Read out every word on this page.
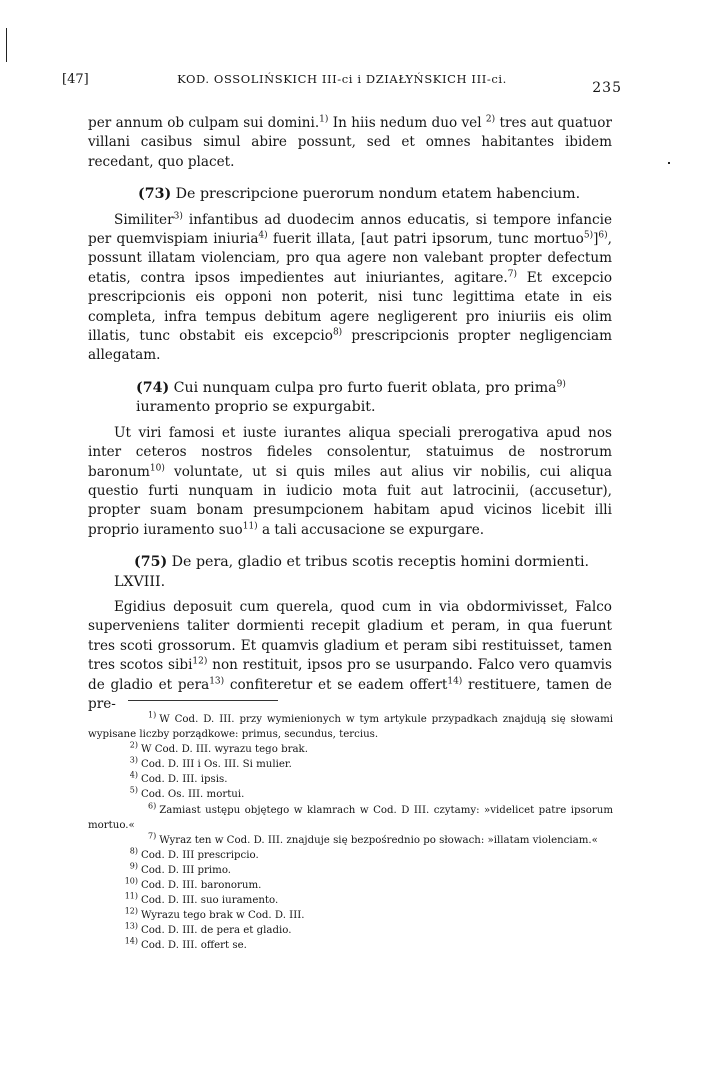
[47]	KOD. OSSOLIŃSKICH III-ci i DZIAŁYŃSKICH III-ci.
235

per annum ob culpam sui domini.$^{1)}$ In hiis nedum duo vel $^{2)}$ tres aut quatuor villani casibus simul abire possunt, sed et omnes habitantes ibidem recedant, quo placet.

(73) De prescripcione puerorum nondum etatem habencium.

Similiter$^{3)}$ infantibus ad duodecim annos educatis, si tempore infancie per quemvispiam iniuria$^{4)}$ fuerit illata, [aut patri ipsorum, tunc mortuo$^{5)}$]$^{6)}$, possunt illatam violenciam, pro qua agere non valebant propter defectum etatis, contra ipsos impedientes aut iniuriantes, agitare.$^{7)}$ Et excepcio prescripcionis eis opponi non poterit, nisi tunc legittima etate in eis completa, infra tempus debitum agere negligerent pro iniuriis eis olim illatis, tunc obstabit eis excepcio$^{8)}$ prescripcionis propter negligenciam allegatam.

(74) Cui nunquam culpa pro furto fuerit oblata, pro prima$^{9)}$ iuramento proprio se expurgabit.

Ut viri famosi et iuste iurantes aliqua speciali prerogativa apud nos inter ceteros nostros fideles consolentur, statuimus de nostrorum baronum$^{10)}$ voluntate, ut si quis miles aut alius vir nobilis, cui aliqua questio furti nunquam in iudicio mota fuit aut latrocinii, (accusetur), propter suam bonam presumpcionem habitam apud vicinos licebit illi proprio iuramento suo$^{11)}$ a tali accusacione se expurgare.

(75) De pera, gladio et tribus scotis receptis homini dormienti. LXVIII.

Egidius deposuit cum querela, quod cum in via obdormivisset, Falco superveniens taliter dormienti recepit gladium et peram, in qua fuerunt tres scoti grossorum. Et quamvis gladium et peram sibi restituisset, tamen tres scotos sibi$^{12)}$ non restituit, ipsos pro se usurpando. Falco vero quamvis de gladio et pera$^{13)}$ confiteretur et se eadem offert$^{14)}$ restituere, tamen de pre-

$^{1)}$ W Cod. D. III. przy wymienionych w tym artykule przypadkach znajdują się słowami wypisane liczby porządkowe: primus, secundus, tercius.

$^{2)}$ W Cod. D. III. wyrazu tego brak.

$^{3)}$ Cod. D. III i Os. III. Si mulier.

$^{4)}$ Cod. D. III. ipsis.

$^{5)}$ Cod. Os. III. mortui.

$^{6)}$ Zamiast ustępu objętego w klamrach w Cod. D III. czytamy: »videlicet patre ipsorum mortuo.«

$^{7)}$ Wyraz ten w Cod. D. III. znajduje się bezpośrednio po słowach: »illatam violenciam.«

$^{8)}$ Cod. D. III prescripcio.

$^{9)}$ Cod. D. III primo.

$^{10)}$ Cod. D. III. baronorum.

$^{11)}$ Cod. D. III. suo iuramento.

$^{12)}$ Wyrazu tego brak w Cod. D. III.

$^{13)}$ Cod. D. III. de pera et gladio.

$^{14)}$ Cod. D. III. offert se.
